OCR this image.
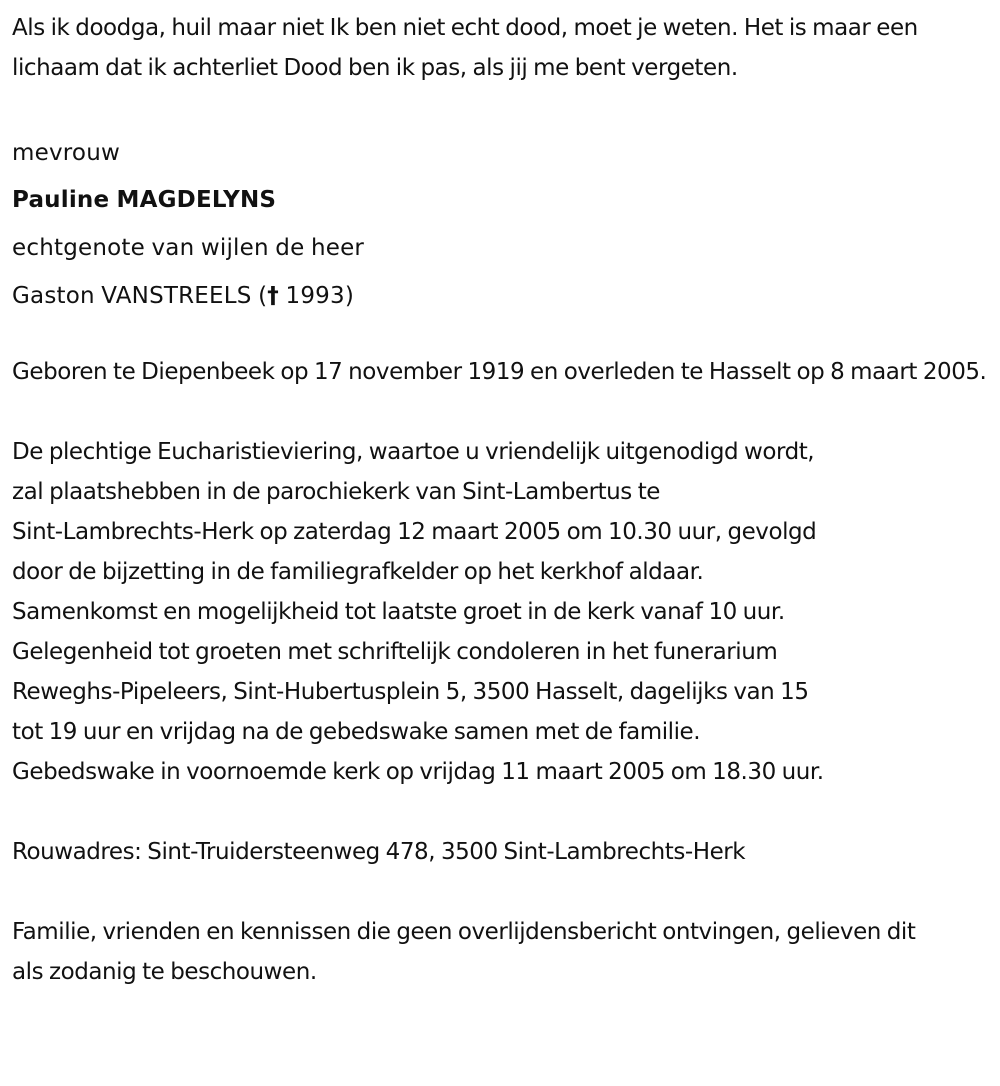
Als ik doodga, huil maar niet Ik ben niet echt dood, moet je weten. Het is maar een lichaam dat ik achterliet Dood ben ik pas, als jij me bent vergeten.

mevrouw

Pauline MAGDELYNS

echtgenote van wijlen de heer

Gaston VANSTREELS († 1993)

Geboren te Diepenbeek op 17 november 1919 en overleden te Hasselt op 8 maart 2005.

De plechtige Eucharistieviering, waartoe u vriendelijk uitgenodigd wordt,

zal plaatshebben in de parochiekerk van Sint-Lambertus te

Sint-Lambrechts-Herk op zaterdag 12 maart 2005 om 10.30 uur, gevolgd

door de bijzetting in de familiegrafkelder op het kerkhof aldaar.

Samenkomst en mogelijkheid tot laatste groet in de kerk vanaf 10 uur.

Gelegenheid tot groeten met schriftelijk condoleren in het funerarium

Reweghs-Pipeleers, Sint-Hubertusplein 5, 3500 Hasselt, dagelijks van 15

tot 19 uur en vrijdag na de gebedswake samen met de familie.

Gebedswake in voornoemde kerk op vrijdag 11 maart 2005 om 18.30 uur.

Rouwadres: Sint-Truidersteenweg 478, 3500 Sint-Lambrechts-Herk

Familie, vrienden en kennissen die geen overlijdensbericht ontvingen, gelieven dit als zodanig te beschouwen.
